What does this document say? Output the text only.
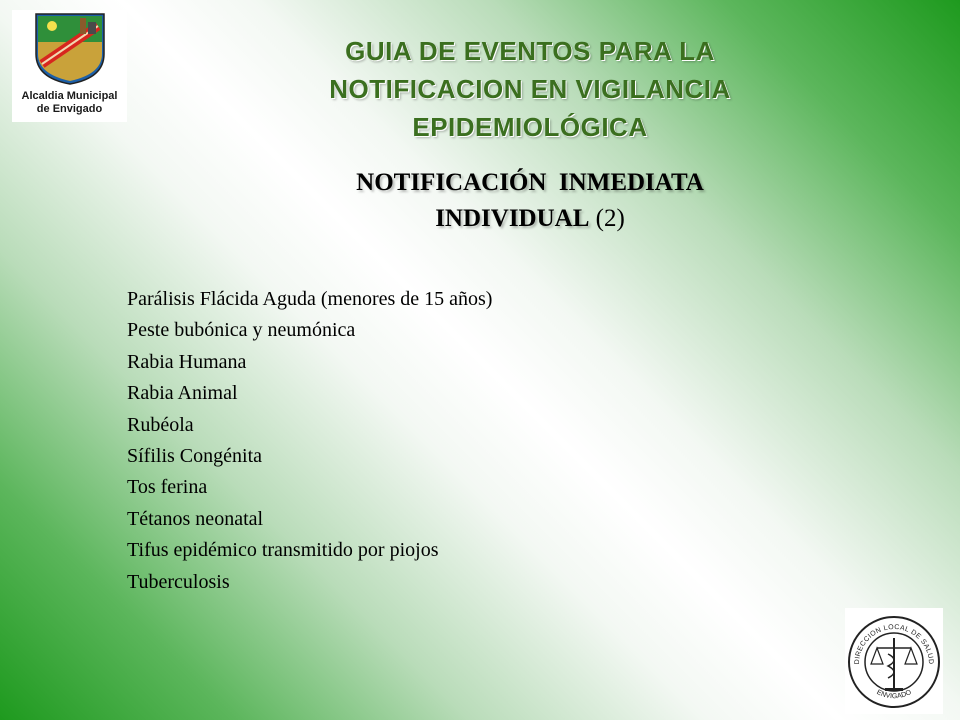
Alcaldia Municipal
de Envigado
GUIA DE EVENTOS PARA LA
NOTIFICACION EN VIGILANCIA
EPIDEMIOLÓGICA
NOTIFICACIÓN  INMEDIATA
INDIVIDUAL (2)
Parálisis Flácida Aguda (menores de 15 años)
Peste bubónica y neumónica
Rabia Humana
Rabia Animal
Rubéola
Sífilis Congénita
Tos ferina
Tétanos neonatal
Tifus epidémico transmitido por piojos
Tuberculosis
DIRECCION LOCAL DE SALUD
ENVIGADO
